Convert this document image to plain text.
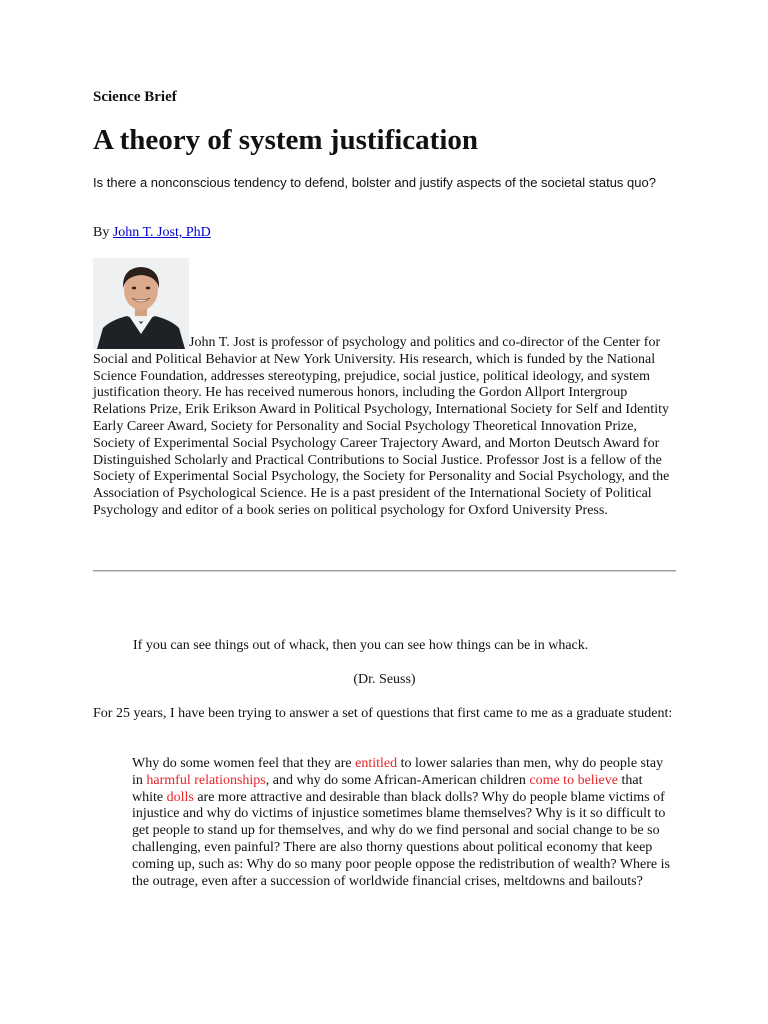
Science Brief
A theory of system justification
Is there a nonconscious tendency to defend, bolster and justify aspects of the societal status quo?
By John T. Jost, PhD

John T. Jost is professor of psychology and politics and co-director of the Center for Social and Political Behavior at New York University. His research, which is funded by the National Science Foundation, addresses stereotyping, prejudice, social justice, political ideology, and system justification theory. He has received numerous honors, including the Gordon Allport Intergroup Relations Prize, Erik Erikson Award in Political Psychology, International Society for Self and Identity Early Career Award, Society for Personality and Social Psychology Theoretical Innovation Prize, Society of Experimental Social Psychology Career Trajectory Award, and Morton Deutsch Award for Distinguished Scholarly and Practical Contributions to Social Justice. Professor Jost is a fellow of the Society of Experimental Social Psychology, the Society for Personality and Social Psychology, and the Association of Psychological Science. He is a past president of the International Society of Political Psychology and editor of a book series on political psychology for Oxford University Press.

If you can see things out of whack, then you can see how things can be in whack.
(Dr. Seuss)

For 25 years, I have been trying to answer a set of questions that first came to me as a graduate student:

Why do some women feel that they are entitled to lower salaries than men, why do people stay in harmful relationships, and why do some African-American children come to believe that white dolls are more attractive and desirable than black dolls? Why do people blame victims of injustice and why do victims of injustice sometimes blame themselves? Why is it so difficult to get people to stand up for themselves, and why do we find personal and social change to be so challenging, even painful? There are also thorny questions about political economy that keep coming up, such as: Why do so many poor people oppose the redistribution of wealth? Where is the outrage, even after a succession of worldwide financial crises, meltdowns and bailouts?
